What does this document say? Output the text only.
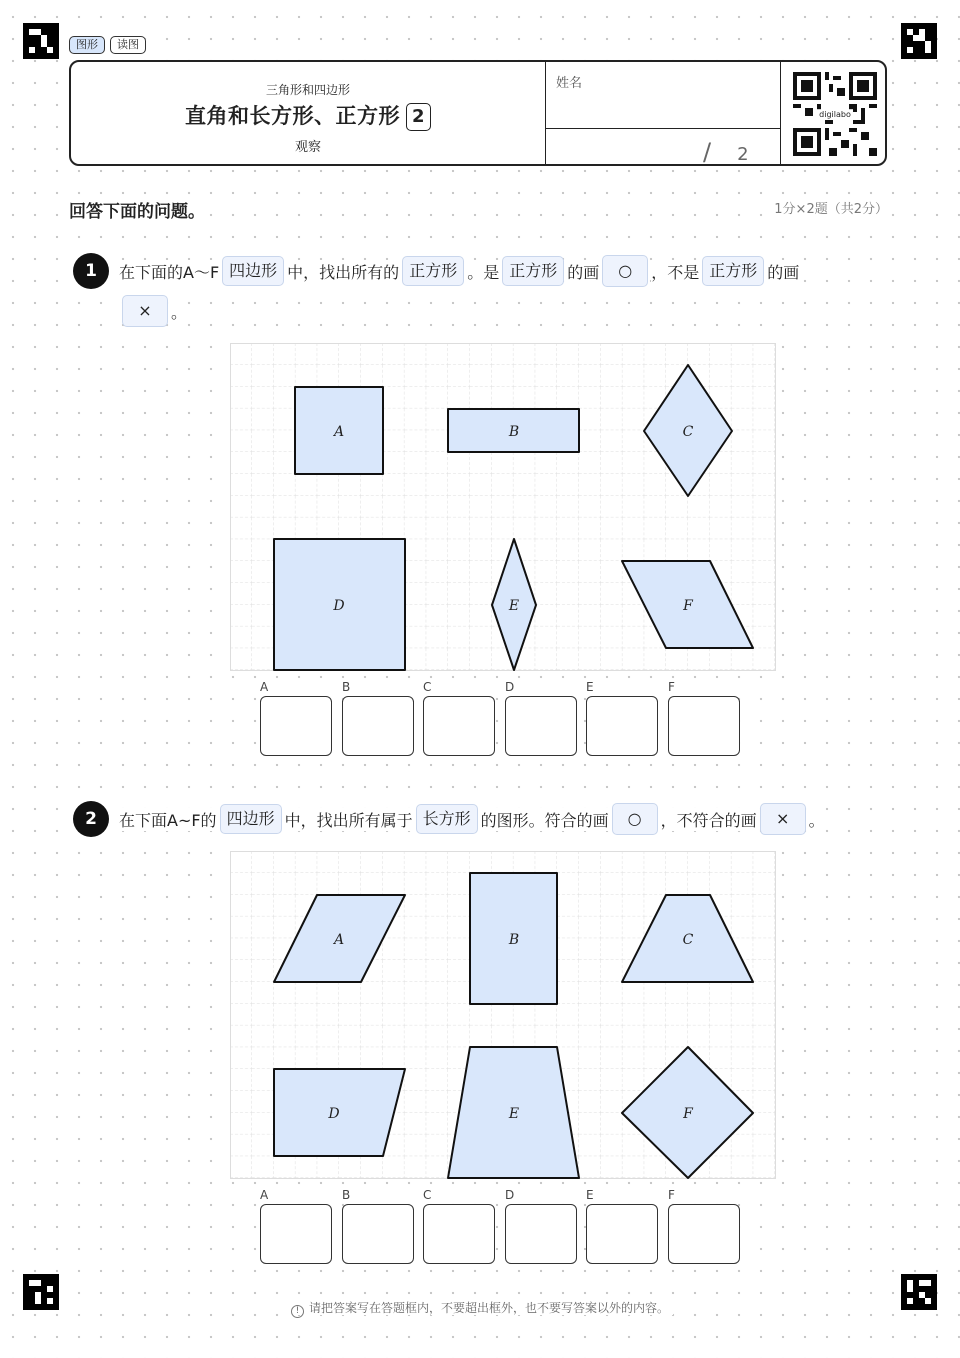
图形	读图
三角形和四边形
直角和长方形、正方形 2
观察
姓名
/ 2
digilabo
回答下面的问题。	1分×2题（共2分）
1	在下面的A～F 四边形 中，找出所有的 正方形 。是 正方形 的画	○	，不是 正方形 的画
×	。
A	B	C
D	E	F
A	B	C	D	E	F
2	在下面A~F的 四边形 中，找出所有属于 长方形 的图形。符合的画	○	，不符合的画	×	。
A	B	C
D	E	F
A	B	C	D	E	F
! 请把答案写在答题框内，不要超出框外，也不要写答案以外的内容。
